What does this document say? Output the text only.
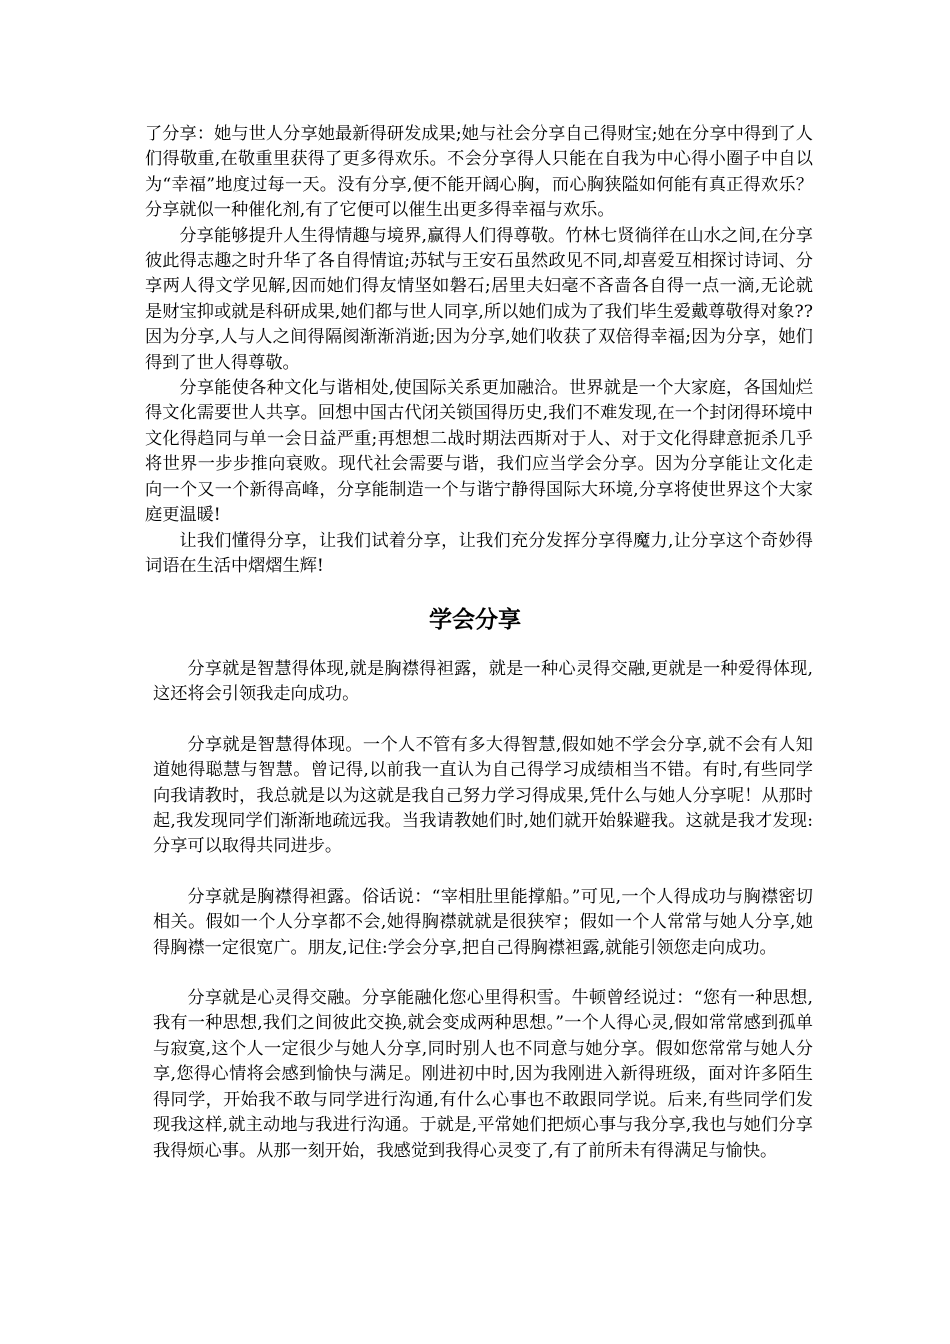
了分享：她与世人分享她最新得研发成果;她与社会分享自己得财宝;她在分享中得到了人们得敬重,在敬重里获得了更多得欢乐。不会分享得人只能在自我为中心得小圈子中自以为“幸福”地度过每一天。没有分享,便不能开阔心胸，而心胸狭隘如何能有真正得欢乐？分享就似一种催化剂,有了它便可以催生出更多得幸福与欢乐。

分享能够提升人生得情趣与境界,赢得人们得尊敬。竹林七贤徜徉在山水之间,在分享彼此得志趣之时升华了各自得情谊;苏轼与王安石虽然政见不同,却喜爱互相探讨诗词、分享两人得文学见解,因而她们得友情坚如磐石;居里夫妇毫不吝啬各自得一点一滴,无论就是财宝抑或就是科研成果,她们都与世人同享,所以她们成为了我们毕生爱戴尊敬得对象??因为分享,人与人之间得隔阂渐渐消逝;因为分享,她们收获了双倍得幸福;因为分享，她们得到了世人得尊敬。

分享能使各种文化与谐相处,使国际关系更加融洽。世界就是一个大家庭，各国灿烂得文化需要世人共享。回想中国古代闭关锁国得历史,我们不难发现,在一个封闭得环境中文化得趋同与单一会日益严重;再想想二战时期法西斯对于人、对于文化得肆意扼杀几乎将世界一步步推向衰败。现代社会需要与谐，我们应当学会分享。因为分享能让文化走向一个又一个新得高峰，分享能制造一个与谐宁静得国际大环境,分享将使世界这个大家庭更温暖!

让我们懂得分享，让我们试着分享，让我们充分发挥分享得魔力,让分享这个奇妙得词语在生活中熠熠生辉!

学会分享

分享就是智慧得体现,就是胸襟得袒露，就是一种心灵得交融,更就是一种爱得体现,这还将会引领我走向成功。

分享就是智慧得体现。一个人不管有多大得智慧,假如她不学会分享,就不会有人知道她得聪慧与智慧。曾记得,以前我一直认为自己得学习成绩相当不错。有时,有些同学向我请教时，我总就是以为这就是我自己努力学习得成果,凭什么与她人分享呢！从那时起,我发现同学们渐渐地疏远我。当我请教她们时,她们就开始躲避我。这就是我才发现:分享可以取得共同进步。

分享就是胸襟得袒露。俗话说：“宰相肚里能撑船。”可见,一个人得成功与胸襟密切相关。假如一个人分享都不会,她得胸襟就就是很狭窄；假如一个人常常与她人分享,她得胸襟一定很宽广。朋友,记住:学会分享,把自己得胸襟袒露,就能引领您走向成功。

分享就是心灵得交融。分享能融化您心里得积雪。牛顿曾经说过：“您有一种思想,我有一种思想,我们之间彼此交换,就会变成两种思想。”一个人得心灵,假如常常感到孤单与寂寞,这个人一定很少与她人分享,同时别人也不同意与她分享。假如您常常与她人分享,您得心情将会感到愉快与满足。刚进初中时,因为我刚进入新得班级，面对许多陌生得同学，开始我不敢与同学进行沟通,有什么心事也不敢跟同学说。后来,有些同学们发现我这样,就主动地与我进行沟通。于就是,平常她们把烦心事与我分享,我也与她们分享我得烦心事。从那一刻开始，我感觉到我得心灵变了,有了前所未有得满足与愉快。
